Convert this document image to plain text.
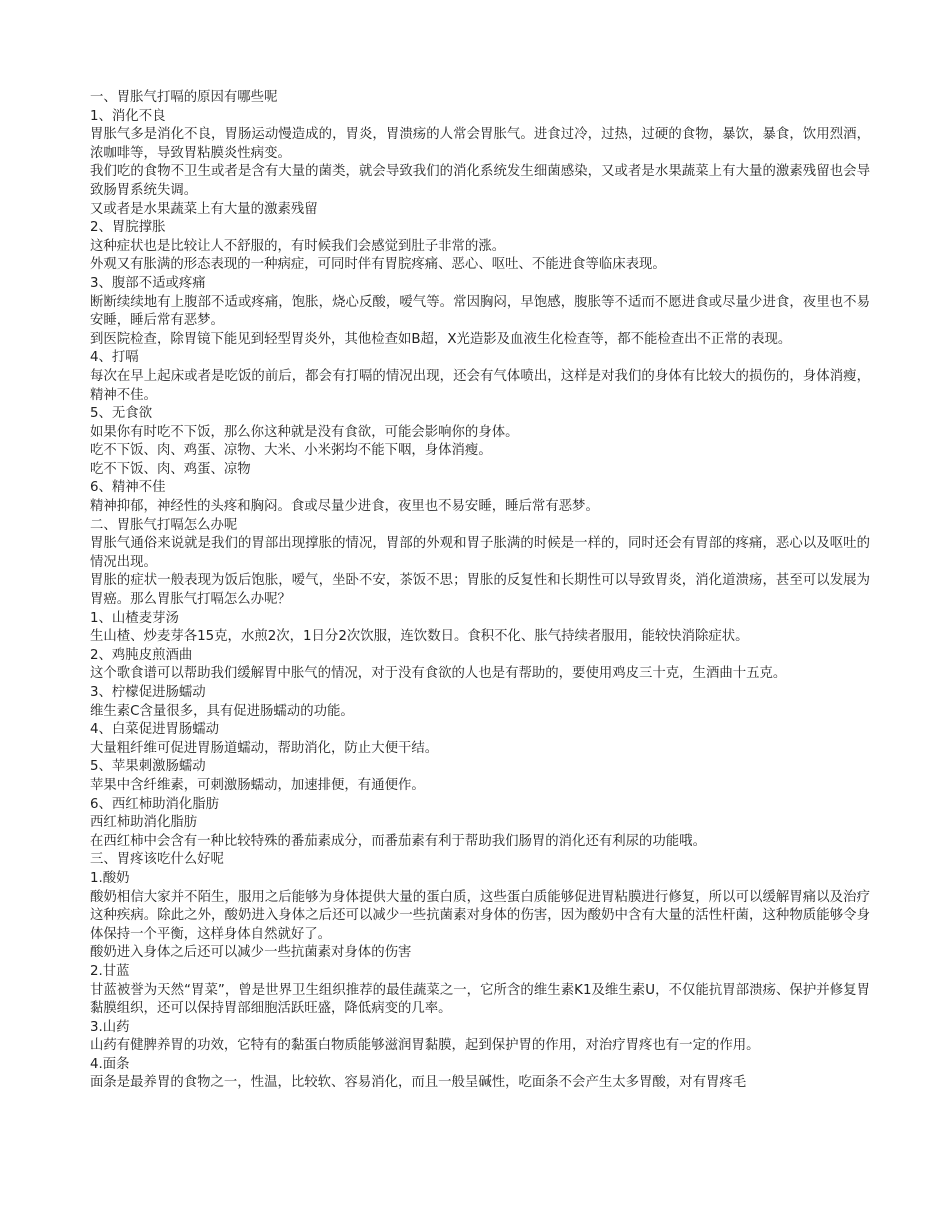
一、胃胀气打嗝的原因有哪些呢

1、消化不良

胃胀气多是消化不良，胃肠运动慢造成的，胃炎，胃溃疡的人常会胃胀气。进食过冷，过热，过硬的食物，暴饮，暴食，饮用烈酒，浓咖啡等，导致胃粘膜炎性病变。

我们吃的食物不卫生或者是含有大量的菌类，就会导致我们的消化系统发生细菌感染，又或者是水果蔬菜上有大量的激素残留也会导致肠胃系统失调。

又或者是水果蔬菜上有大量的激素残留

2、胃脘撑胀

这种症状也是比较让人不舒服的，有时候我们会感觉到肚子非常的涨。

外观又有胀满的形态表现的一种病症，可同时伴有胃脘疼痛、恶心、呕吐、不能进食等临床表现。

3、腹部不适或疼痛

断断续续地有上腹部不适或疼痛，饱胀，烧心反酸，嗳气等。常因胸闷，早饱感，腹胀等不适而不愿进食或尽量少进食，夜里也不易安睡，睡后常有恶梦。

到医院检查，除胃镜下能见到轻型胃炎外，其他检查如B超，X光造影及血液生化检查等，都不能检查出不正常的表现。

4、打嗝

每次在早上起床或者是吃饭的前后，都会有打嗝的情况出现，还会有气体喷出，这样是对我们的身体有比较大的损伤的，身体消瘦，精神不佳。

5、无食欲

如果你有时吃不下饭，那么你这种就是没有食欲，可能会影响你的身体。

吃不下饭、肉、鸡蛋、凉物、大米、小米粥均不能下咽，身体消瘦。

吃不下饭、肉、鸡蛋、凉物

6、精神不佳

精神抑郁，神经性的头疼和胸闷。食或尽量少进食，夜里也不易安睡，睡后常有恶梦。

二、胃胀气打嗝怎么办呢

胃胀气通俗来说就是我们的胃部出现撑胀的情况，胃部的外观和胃子胀满的时候是一样的，同时还会有胃部的疼痛，恶心以及呕吐的情况出现。

胃胀的症状一般表现为饭后饱胀，嗳气，坐卧不安，茶饭不思；胃胀的反复性和长期性可以导致胃炎，消化道溃疡，甚至可以发展为胃癌。那么胃胀气打嗝怎么办呢？

1、山楂麦芽汤

生山楂、炒麦芽各15克，水煎2次，1日分2次饮服，连饮数日。食积不化、胀气持续者服用，能较快消除症状。

2、鸡肫皮煎酒曲

这个歌食谱可以帮助我们缓解胃中胀气的情况，对于没有食欲的人也是有帮助的，要使用鸡皮三十克，生酒曲十五克。

3、柠檬促进肠蠕动

维生素C含量很多，具有促进肠蠕动的功能。

4、白菜促进胃肠蠕动

大量粗纤维可促进胃肠道蠕动，帮助消化，防止大便干结。

5、苹果刺激肠蠕动

苹果中含纤维素，可刺激肠蠕动，加速排便，有通便作。

6、西红柿助消化脂肪

西红柿助消化脂肪

在西红柿中会含有一种比较特殊的番茄素成分，而番茄素有利于帮助我们肠胃的消化还有利尿的功能哦。

三、胃疼该吃什么好呢

1.酸奶

酸奶相信大家并不陌生，服用之后能够为身体提供大量的蛋白质，这些蛋白质能够促进胃粘膜进行修复，所以可以缓解胃痛以及治疗这种疾病。除此之外，酸奶进入身体之后还可以减少一些抗菌素对身体的伤害，因为酸奶中含有大量的活性杆菌，这种物质能够令身体保持一个平衡，这样身体自然就好了。

酸奶进入身体之后还可以减少一些抗菌素对身体的伤害

2.甘蓝

甘蓝被誉为天然“胃菜”，曾是世界卫生组织推荐的最佳蔬菜之一，它所含的维生素K1及维生素U，不仅能抗胃部溃疡、保护并修复胃黏膜组织，还可以保持胃部细胞活跃旺盛，降低病变的几率。

3.山药

山药有健脾养胃的功效，它特有的黏蛋白物质能够滋润胃黏膜，起到保护胃的作用，对治疗胃疼也有一定的作用。

4.面条

面条是最养胃的食物之一，性温，比较软、容易消化，而且一般呈碱性，吃面条不会产生太多胃酸，对有胃疼毛
